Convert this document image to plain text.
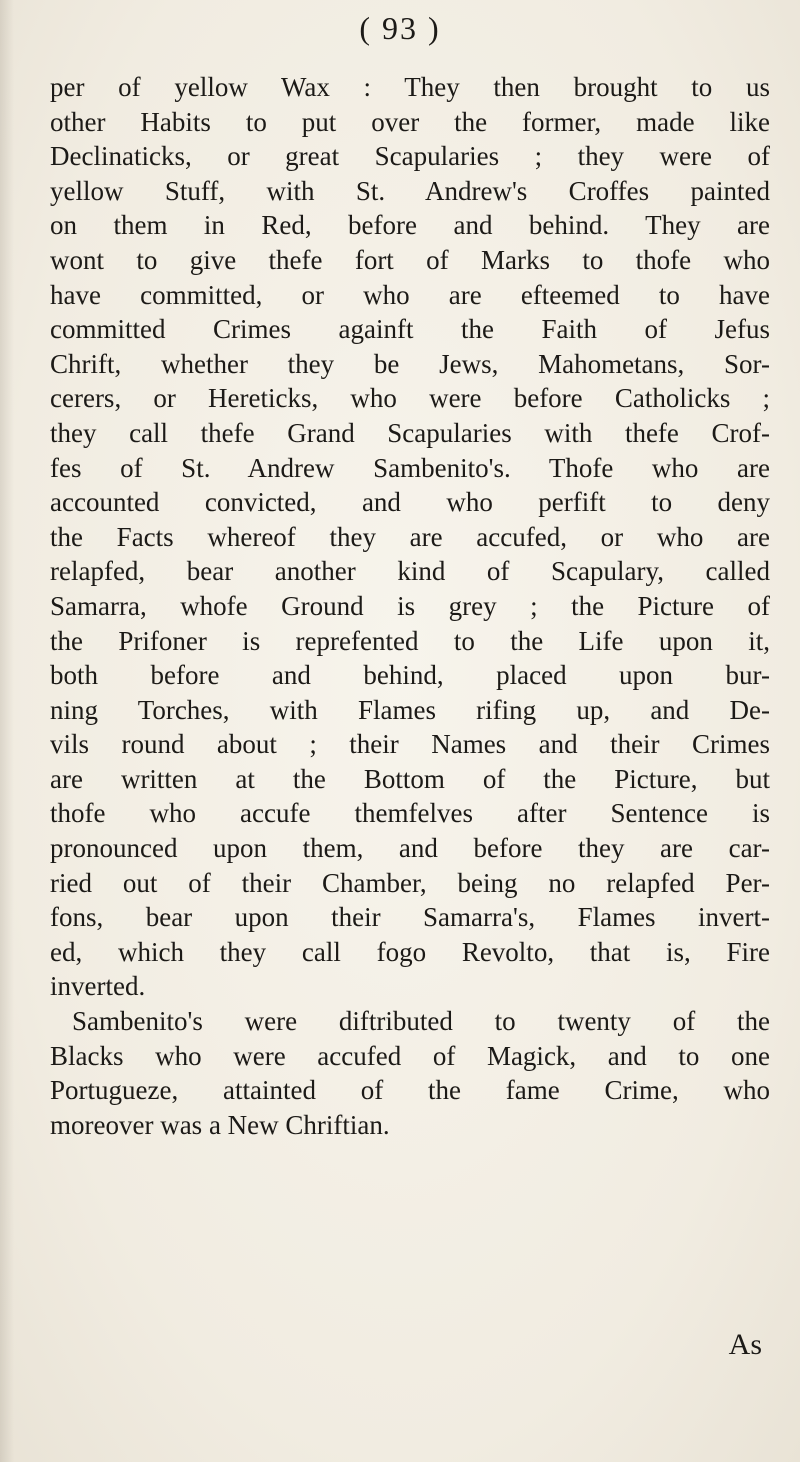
( 93 )
per of yellow Wax : They then brought to us
other Habits to put over the former, made like
Declinaticks, or great Scapularies ; they were of
yellow Stuff, with St. Andrew's Croffes painted
on them in Red, before and behind. They are
wont to give thefe fort of Marks to thofe who
have committed, or who are efteemed to have
committed Crimes againft the Faith of Jefus
Chrift, whether they be Jews, Mahometans, Sor-
cerers, or Hereticks, who were before Catholicks ;
they call thefe Grand Scapularies with thefe Crof-
fes of St. Andrew Sambenito's. Thofe who are
accounted convicted, and who perfift to deny
the Facts whereof they are accufed, or who are
relapfed, bear another kind of Scapulary, called
Samarra, whofe Ground is grey ; the Picture of
the Prifoner is reprefented to the Life upon it,
both before and behind, placed upon bur-
ning Torches, with Flames rifing up, and De-
vils round about ; their Names and their Crimes
are written at the Bottom of the Picture, but
thofe who accufe themfelves after Sentence is
pronounced upon them, and before they are car-
ried out of their Chamber, being no relapfed Per-
fons, bear upon their Samarra's, Flames invert-
ed, which they call fogo Revolto, that is, Fire
inverted.
Sambenito's were diftributed to twenty of the
Blacks who were accufed of Magick, and to one
Portugueze, attainted of the fame Crime, who
moreover was a New Chriftian.
As
